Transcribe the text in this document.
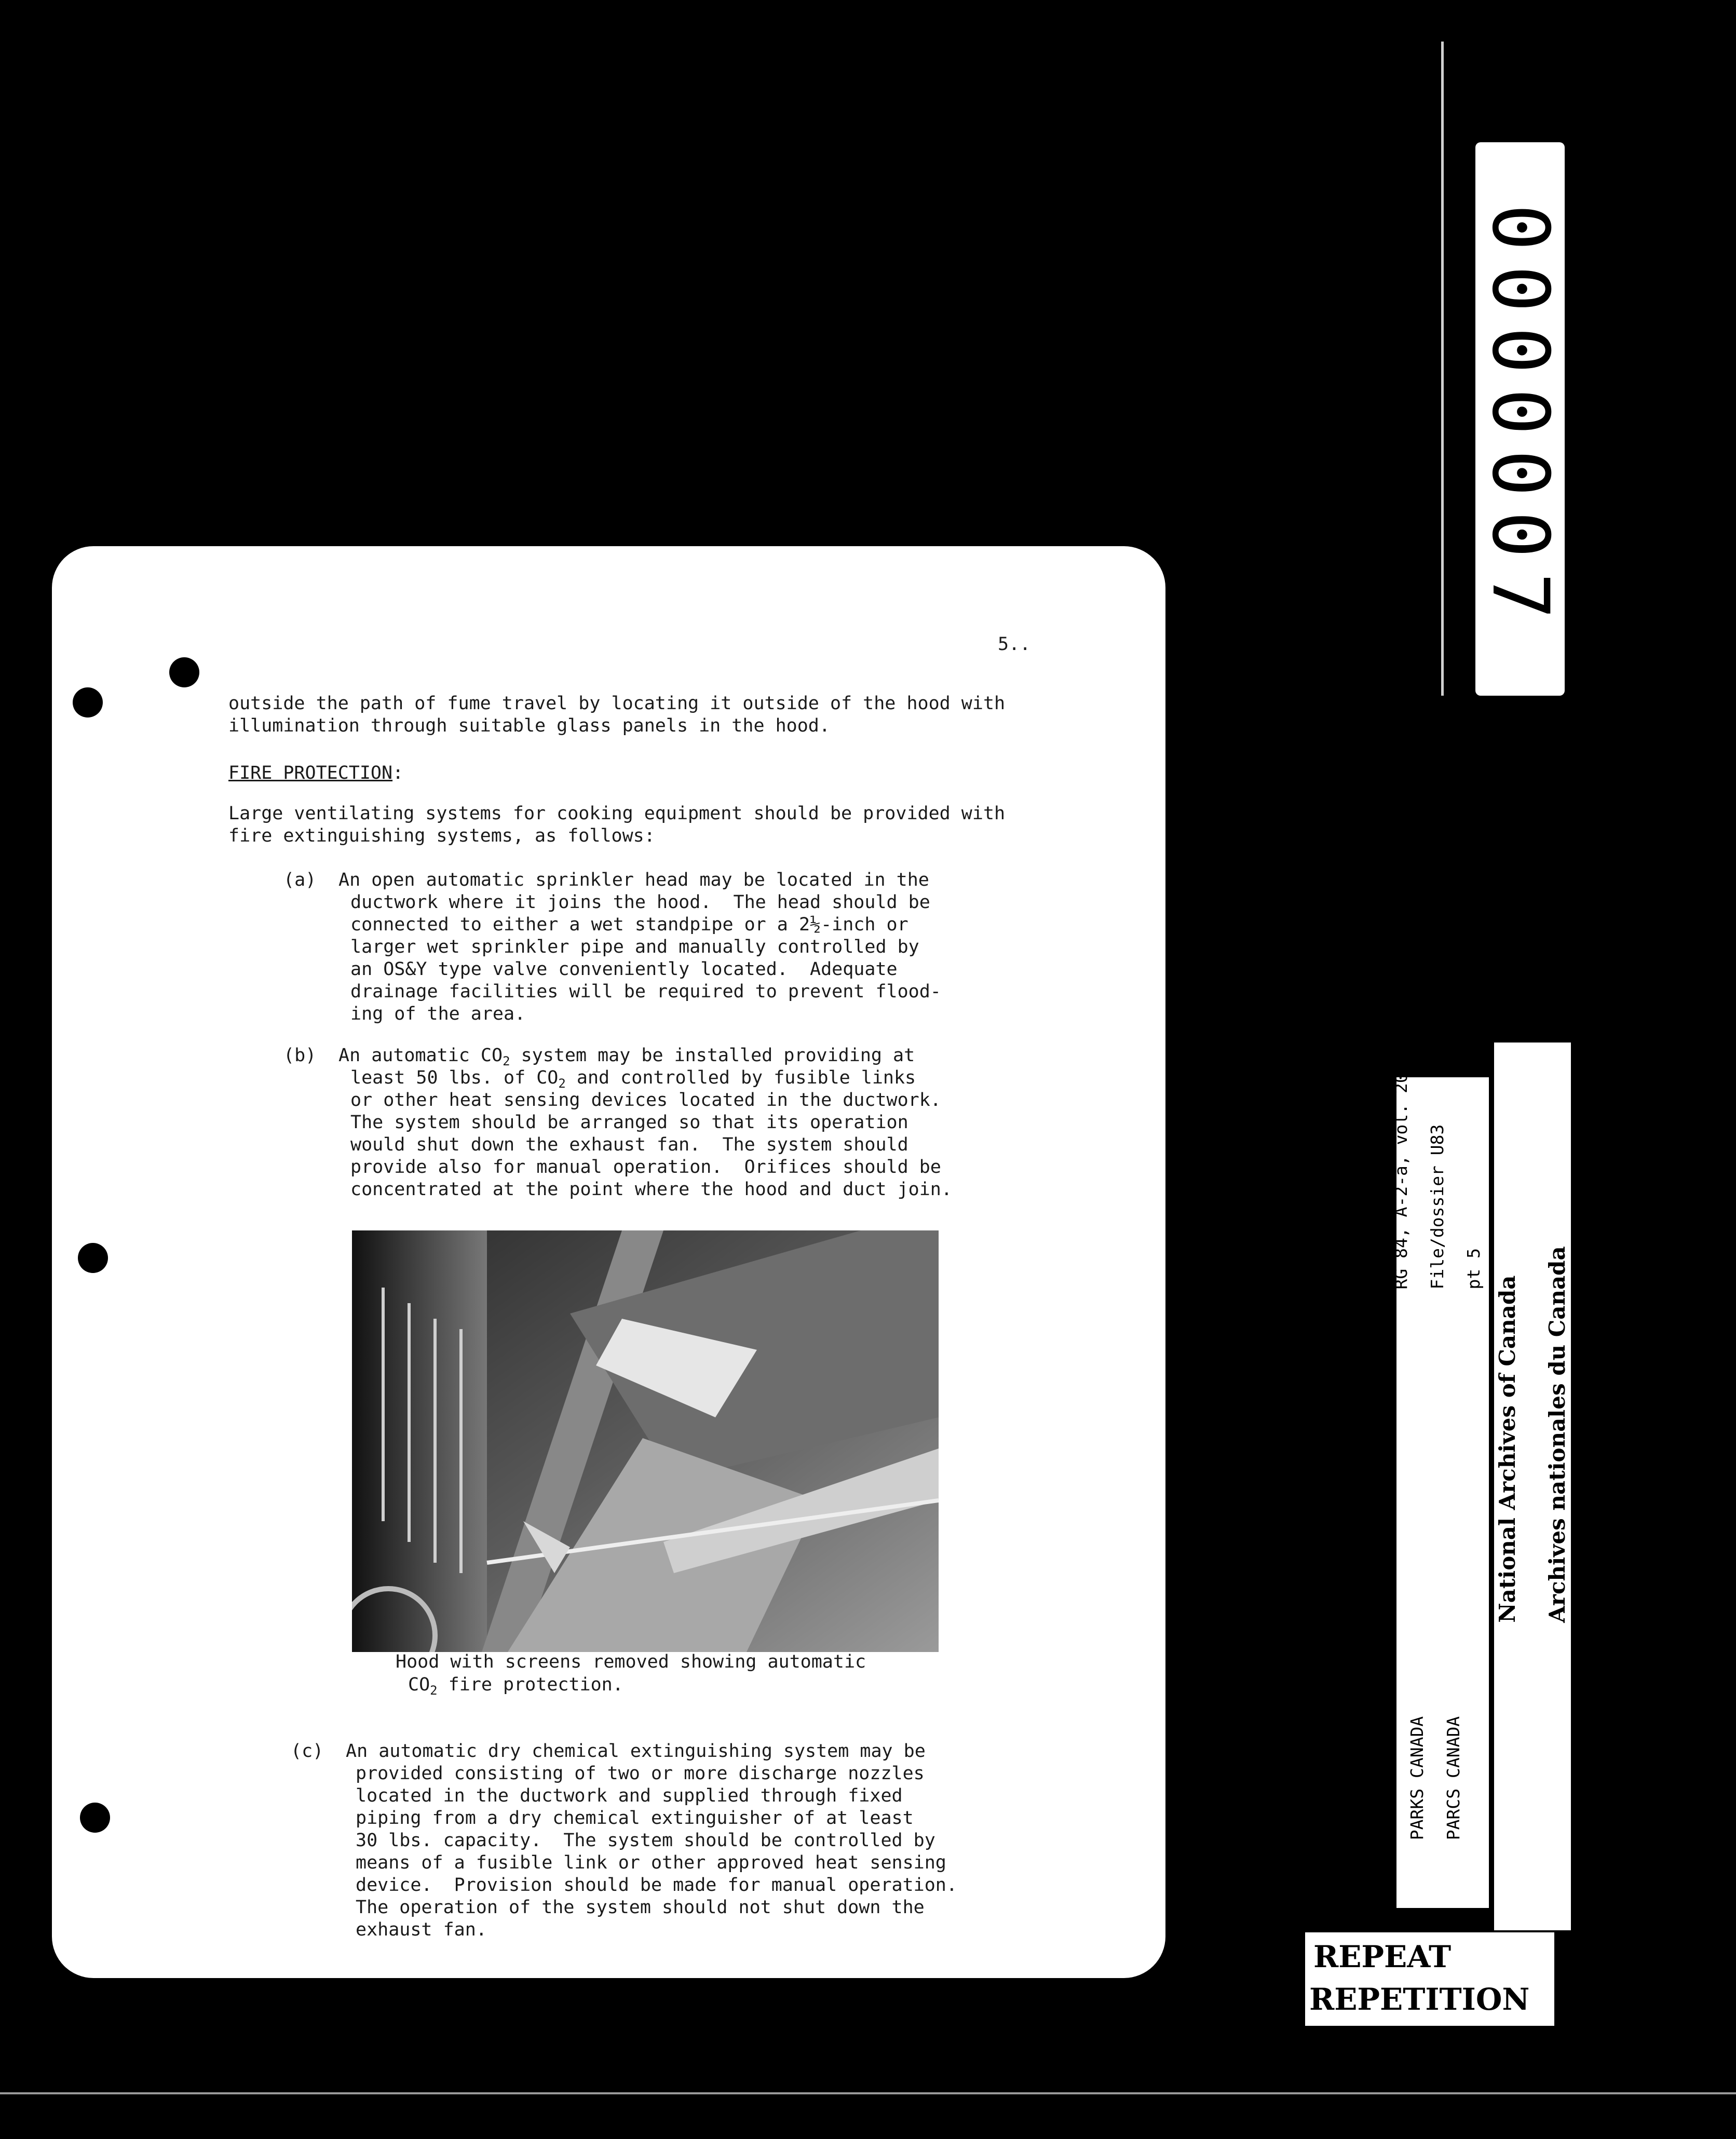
0000007
5..
outside the path of fume travel by locating it outside of the hood with
illumination through suitable glass panels in the hood.
FIRE PROTECTION:
Large ventilating systems for cooking equipment should be provided with
fire extinguishing systems, as follows:
(a) An open automatic sprinkler head may be located in the
ductwork where it joins the hood.  The head should be
connected to either a wet standpipe or a 2½-inch or
larger wet sprinkler pipe and manually controlled by
an OS&Y type valve conveniently located.  Adequate
drainage facilities will be required to prevent flood-
ing of the area.
(b) An automatic $CO_2$ system may be installed providing at
least 50 lbs. of $CO_2$ and controlled by fusible links
or other heat sensing devices located in the ductwork.
The system should be arranged so that its operation
would shut down the exhaust fan.  The system should
provide also for manual operation.  Orifices should be
concentrated at the point where the hood and duct join.
Hood with screens removed showing automatic
$CO_2$ fire protection.
(c) An automatic dry chemical extinguishing system may be
provided consisting of two or more discharge nozzles
located in the ductwork and supplied through fixed
piping from a dry chemical extinguisher of at least
30 lbs. capacity.  The system should be controlled by
means of a fusible link or other approved heat sensing
device.  Provision should be made for manual operation.
The operation of the system should not shut down the
exhaust fan.

RG 84, A-2-a, vol. 2043

File/dossier U83

pt 5

PARKS CANADA

PARCS CANADA

National Archives of Canada

Archives nationales du Canada

REPEAT
REPETITION
